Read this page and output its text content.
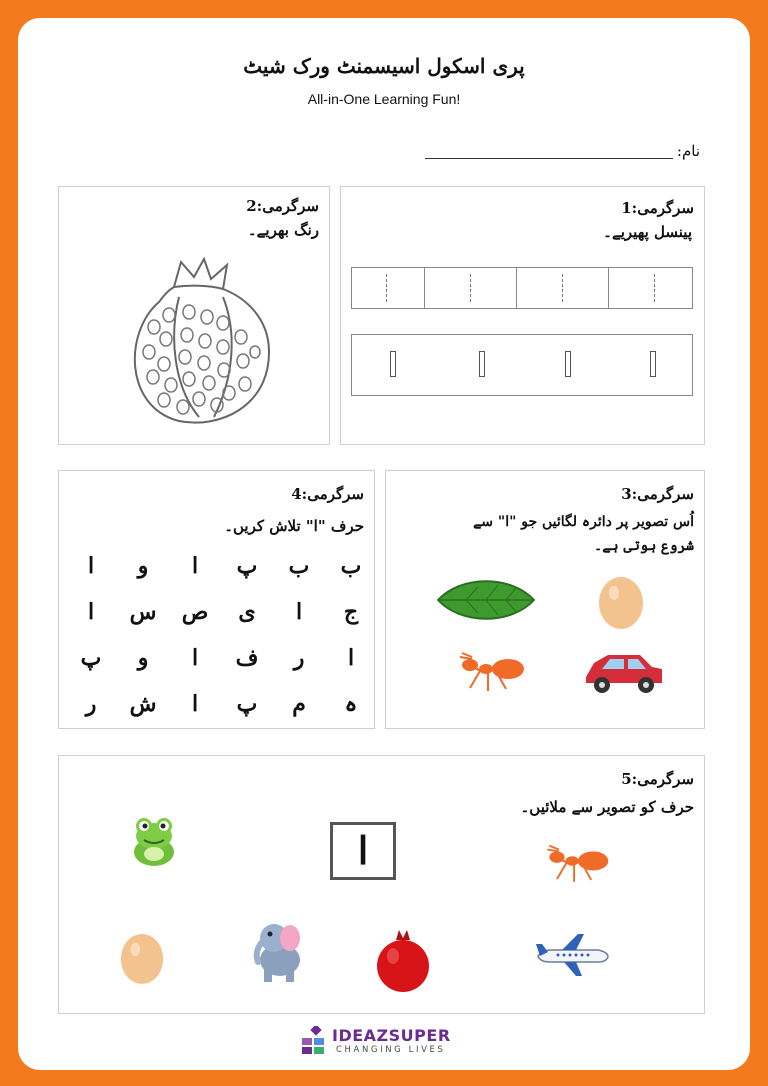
پری اسکول اسیسمنٹ ورک شیٹ
All-in-One Learning Fun!
نام:
سرگرمی:2
رنگ بھریے۔
سرگرمی:1
پینسل پھیریے۔
سرگرمی:4
حرف "ا" تلاش کریں۔
ب
ب
پ
ا
و
ا
ج
ا
ی
ص
س
ا
ا
ر
ف
ا
و
پ
ہ
م
پ
ا
ش
ر
سرگرمی:3
اُس تصویر پر دائرہ لگائیں جو "ا" سے
شروع ہوتی ہے۔
سرگرمی:5
حرف کو تصویر سے ملائیں۔
ا
IDEAZSUPER
CHANGING LIVES
